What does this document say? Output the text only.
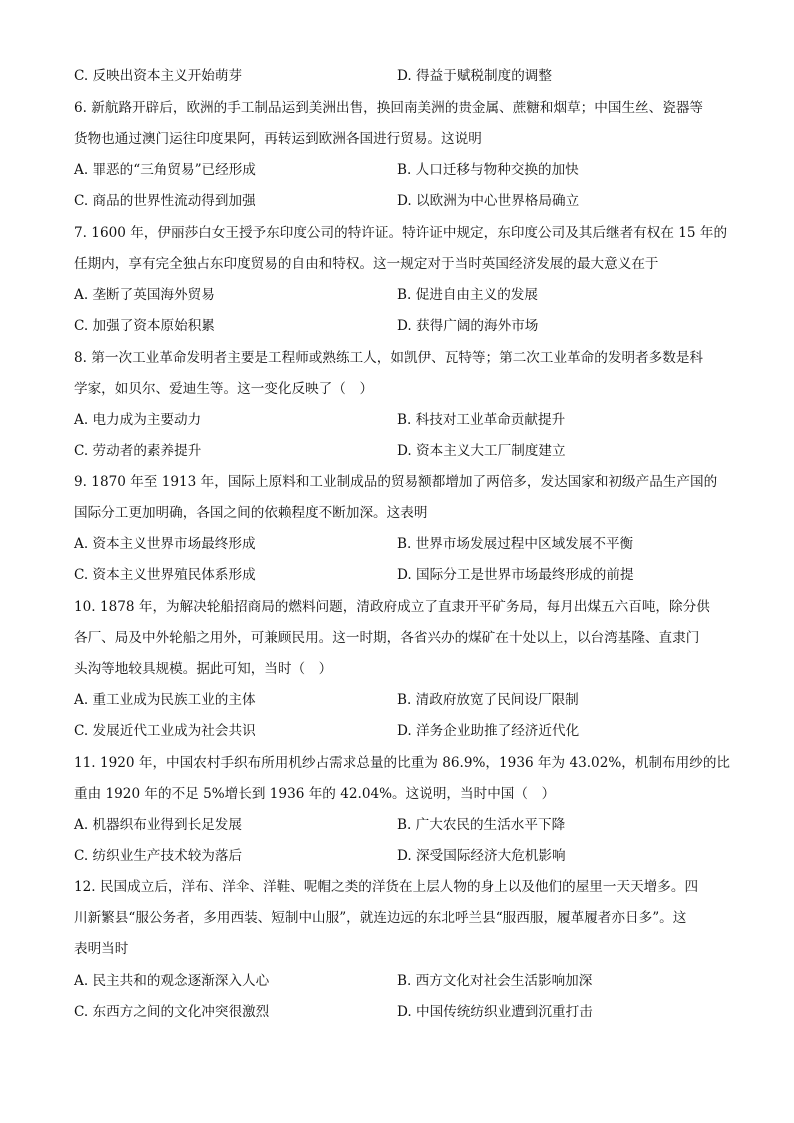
C. 反映出资本主义开始萌芽	D. 得益于赋税制度的调整
6. 新航路开辟后，欧洲的手工制品运到美洲出售，换回南美洲的贵金属、蔗糖和烟草；中国生丝、瓷器等
货物也通过澳门运往印度果阿，再转运到欧洲各国进行贸易。这说明
A. 罪恶的“三角贸易”已经形成	B. 人口迁移与物种交换的加快
C. 商品的世界性流动得到加强	D. 以欧洲为中心世界格局确立
7. 1600 年，伊丽莎白女王授予东印度公司的特许证。特许证中规定，东印度公司及其后继者有权在 15 年的
任期内，享有完全独占东印度贸易的自由和特权。这一规定对于当时英国经济发展的最大意义在于
A. 垄断了英国海外贸易	B. 促进自由主义的发展
C. 加强了资本原始积累	D. 获得广阔的海外市场
8. 第一次工业革命发明者主要是工程师或熟练工人，如凯伊、瓦特等；第二次工业革命的发明者多数是科
学家，如贝尔、爱迪生等。这一变化反映了（　）
A. 电力成为主要动力	B. 科技对工业革命贡献提升
C. 劳动者的素养提升	D. 资本主义大工厂制度建立
9. 1870 年至 1913 年，国际上原料和工业制成品的贸易额都增加了两倍多，发达国家和初级产品生产国的
国际分工更加明确，各国之间的依赖程度不断加深。这表明
A. 资本主义世界市场最终形成	B. 世界市场发展过程中区域发展不平衡
C. 资本主义世界殖民体系形成	D. 国际分工是世界市场最终形成的前提
10. 1878 年，为解决轮船招商局的燃料问题，清政府成立了直隶开平矿务局，每月出煤五六百吨，除分供
各厂、局及中外轮船之用外，可兼顾民用。这一时期，各省兴办的煤矿在十处以上，以台湾基隆、直隶门
头沟等地较具规模。据此可知，当时（　）
A. 重工业成为民族工业的主体	B. 清政府放宽了民间设厂限制
C. 发展近代工业成为社会共识	D. 洋务企业助推了经济近代化
11. 1920 年，中国农村手织布所用机纱占需求总量的比重为 86.9%，1936 年为 43.02%，机制布用纱的比
重由 1920 年的不足 5%增长到 1936 年的 42.04%。这说明，当时中国（　）
A. 机器织布业得到长足发展	B. 广大农民的生活水平下降
C. 纺织业生产技术较为落后	D. 深受国际经济大危机影响
12. 民国成立后，洋布、洋伞、洋鞋、呢帽之类的洋货在上层人物的身上以及他们的屋里一天天增多。四
川新繁县“服公务者，多用西装、短制中山服”，就连边远的东北呼兰县“服西服，履革履者亦日多”。这
表明当时
A. 民主共和的观念逐渐深入人心	B. 西方文化对社会生活影响加深
C. 东西方之间的文化冲突很激烈	D. 中国传统纺织业遭到沉重打击
